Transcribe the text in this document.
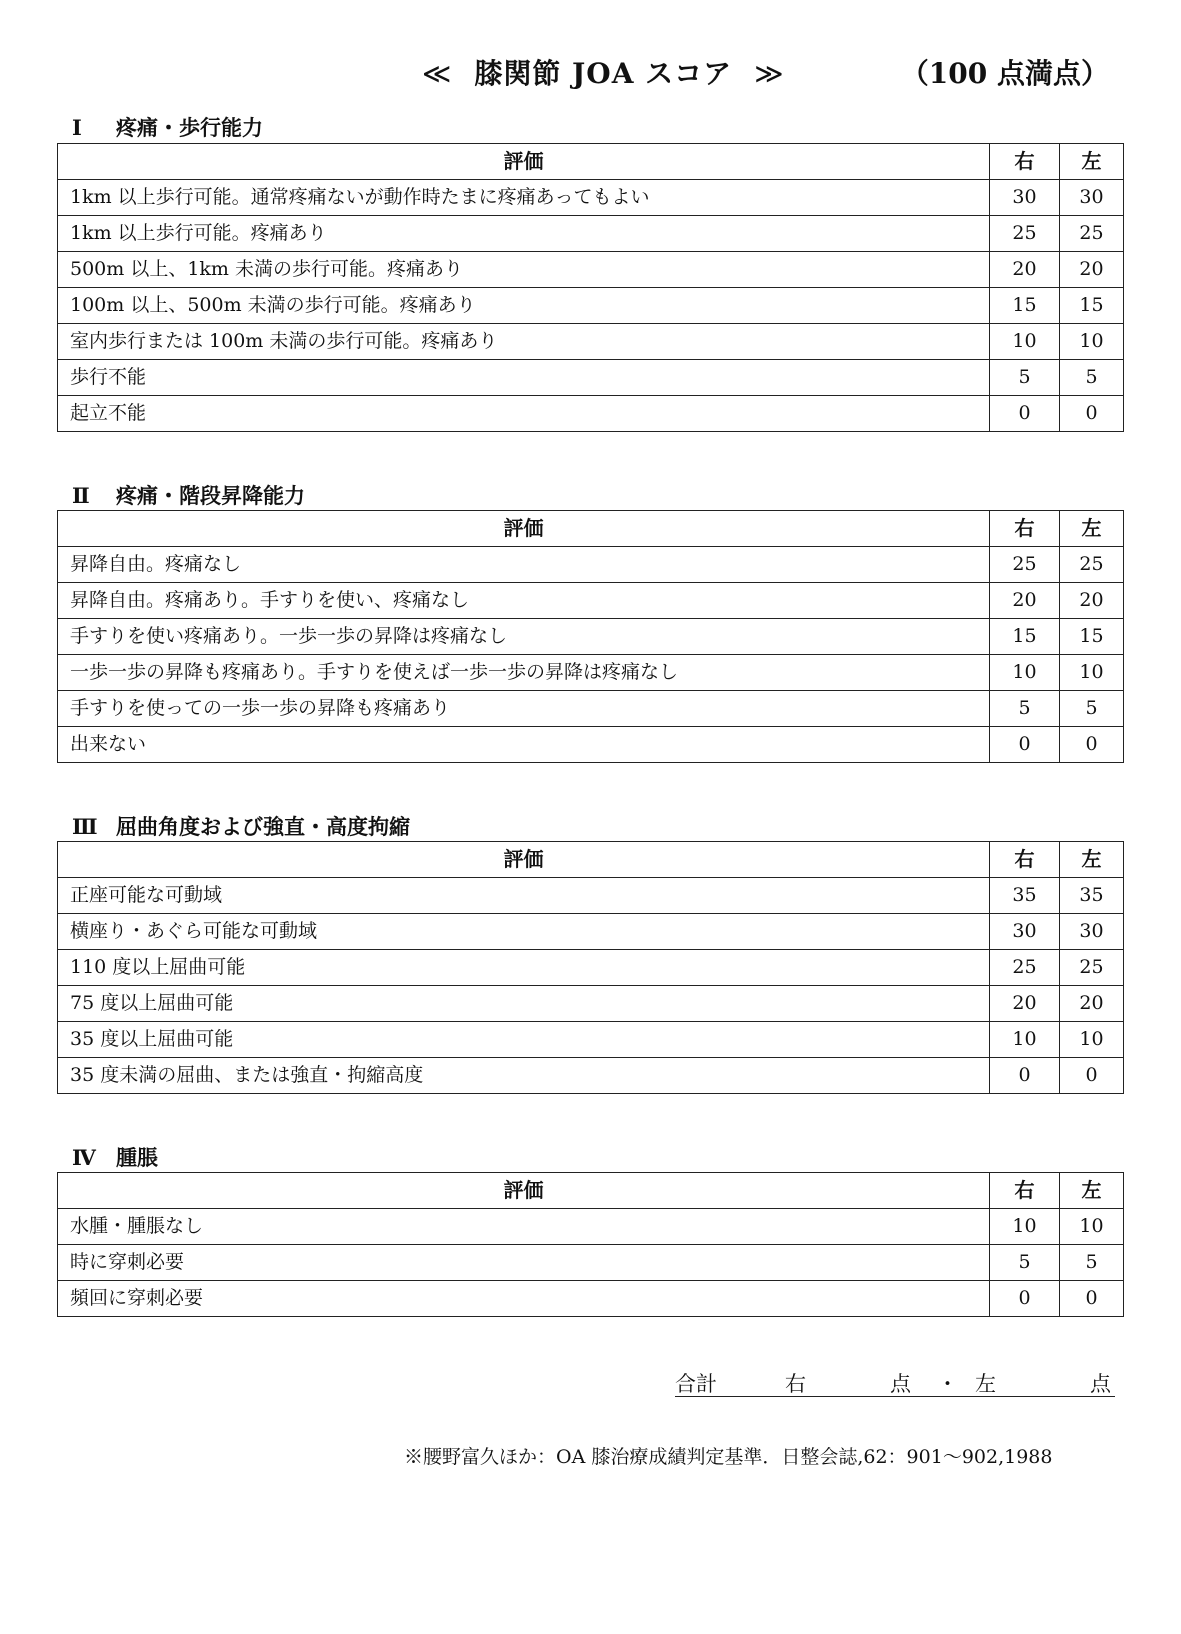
≪ 膝関節 JOA スコア ≫	（100 点満点）
Ⅰ 疼痛・歩行能力
評価	右	左
1km 以上歩行可能。通常疼痛ないが動作時たまに疼痛あってもよい	30	30
1km 以上歩行可能。疼痛あり	25	25
500m 以上、1km 未満の歩行可能。疼痛あり	20	20
100m 以上、500m 未満の歩行可能。疼痛あり	15	15
室内歩行または 100m 未満の歩行可能。疼痛あり	10	10
歩行不能	5	5
起立不能	0	0
Ⅱ 疼痛・階段昇降能力
評価	右	左
昇降自由。疼痛なし	25	25
昇降自由。疼痛あり。手すりを使い、疼痛なし	20	20
手すりを使い疼痛あり。一歩一歩の昇降は疼痛なし	15	15
一歩一歩の昇降も疼痛あり。手すりを使えば一歩一歩の昇降は疼痛なし	10	10
手すりを使っての一歩一歩の昇降も疼痛あり	5	5
出来ない	0	0
Ⅲ 屈曲角度および強直・高度拘縮
評価	右	左
正座可能な可動域	35	35
横座り・あぐら可能な可動域	30	30
110 度以上屈曲可能	25	25
75 度以上屈曲可能	20	20
35 度以上屈曲可能	10	10
35 度未満の屈曲、または強直・拘縮高度	0	0
Ⅳ 腫脹
評価	右	左
水腫・腫脹なし	10	10
時に穿刺必要	5	5
頻回に穿刺必要	0	0
合計	右	点 ・ 左	点
※腰野富久ほか：OA 膝治療成績判定基準．日整会誌,62：901〜902,1988
